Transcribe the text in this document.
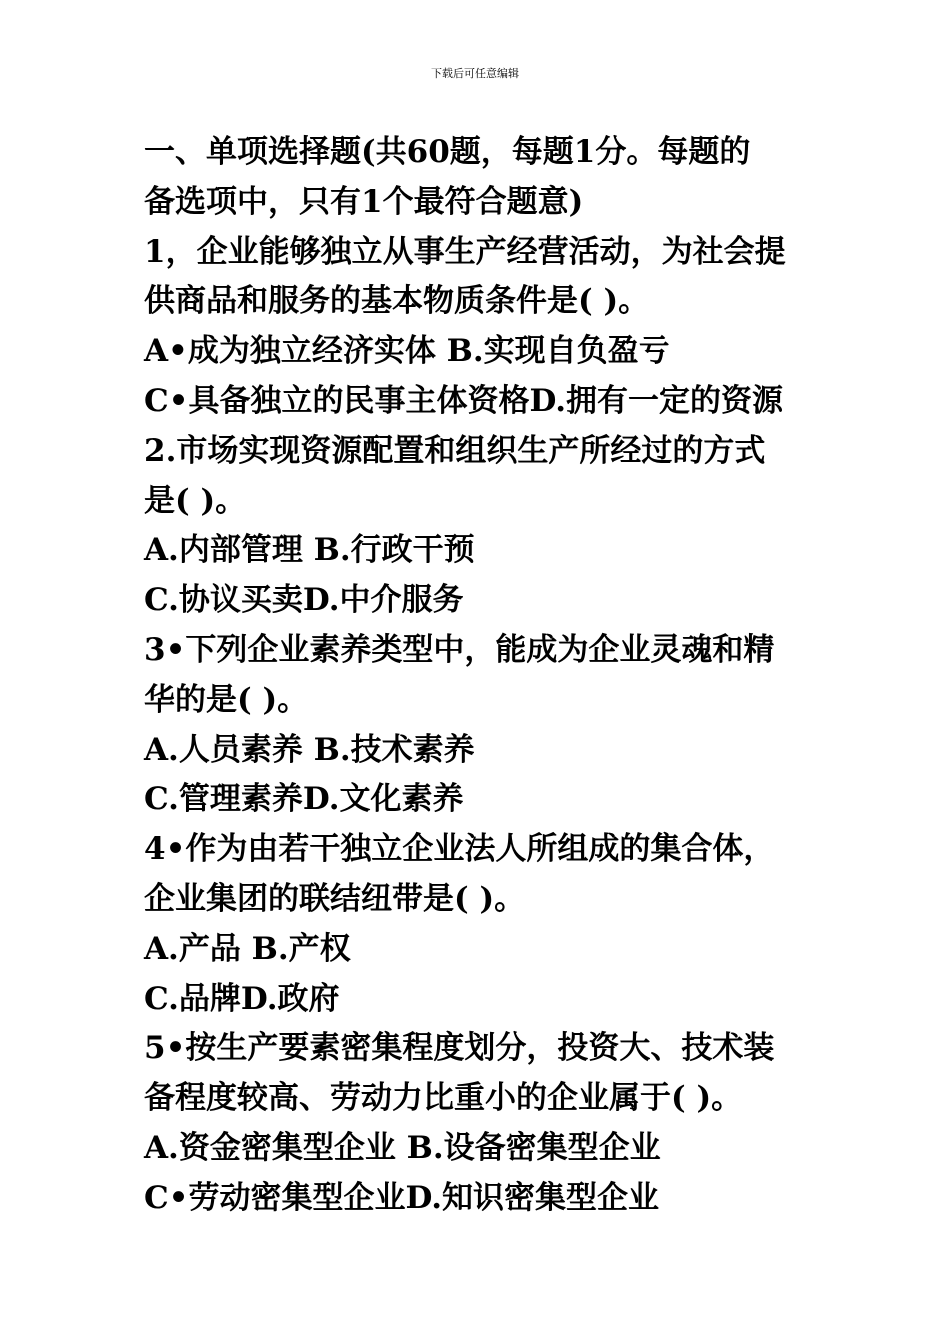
下载后可任意编辑
一、单项选择题(共60题，每题1分。每题的
备选项中，只有1个最符合题意)
1，企业能够独立从事生产经营活动，为社会提
供商品和服务的基本物质条件是( )。
A•成为独立经济实体 B.实现自负盈亏
C•具备独立的民事主体资格D.拥有一定的资源
2.市场实现资源配置和组织生产所经过的方式
是( )。
A.内部管理 B.行政干预
C.协议买卖D.中介服务
3•下列企业素养类型中，能成为企业灵魂和精
华的是( )。
A.人员素养 B.技术素养
C.管理素养D.文化素养
4•作为由若干独立企业法人所组成的集合体，
企业集团的联结纽带是( )。
A.产品 B.产权
C.品牌D.政府
5•按生产要素密集程度划分，投资大、技术装
备程度较高、劳动力比重小的企业属于( )。
A.资金密集型企业 B.设备密集型企业
C•劳动密集型企业D.知识密集型企业
